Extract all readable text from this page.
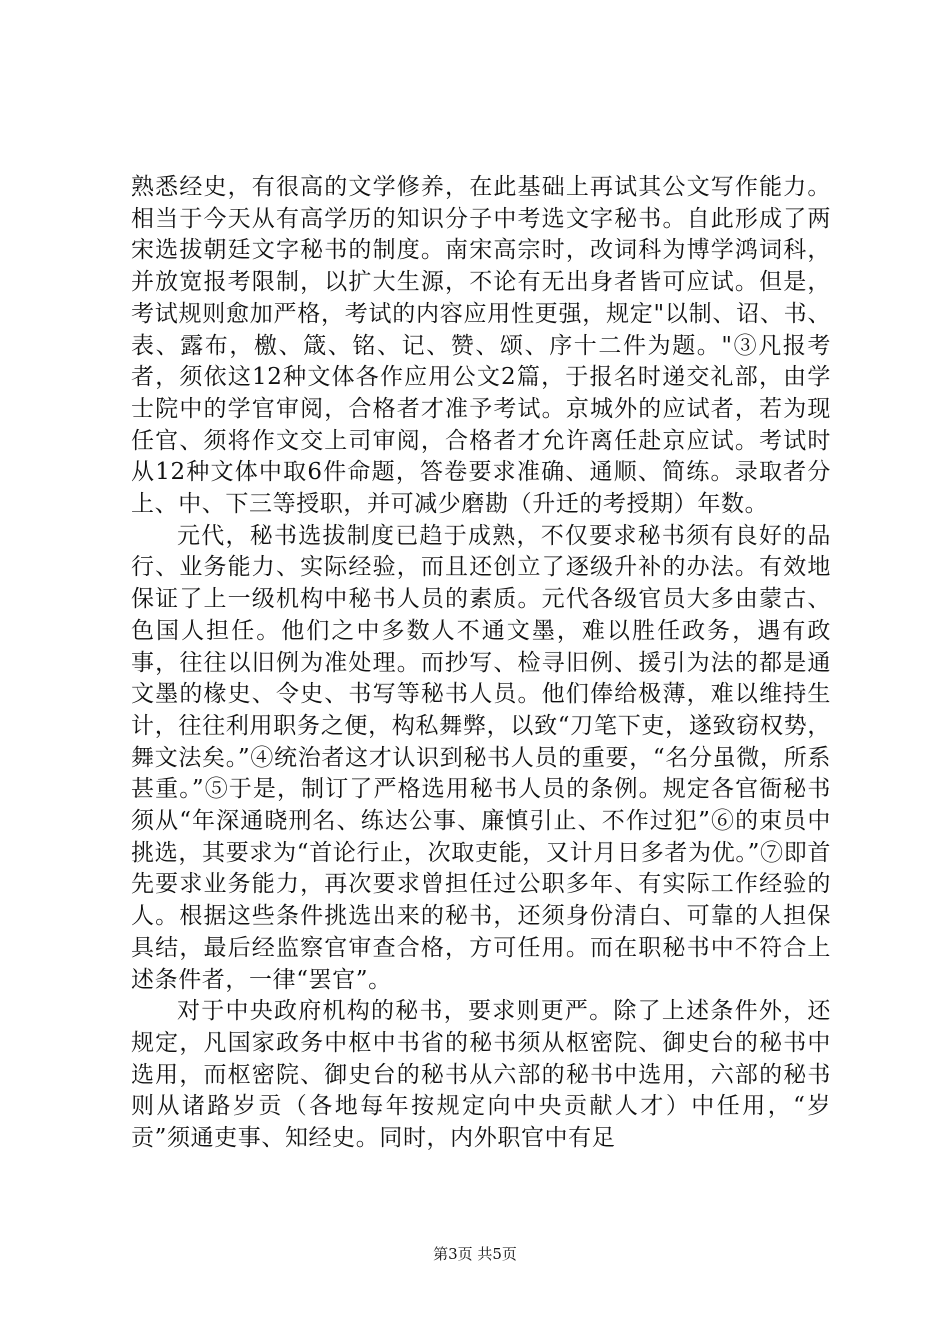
熟悉经史，有很高的文学修养，在此基础上再试其公文写作能力。相当于今天从有高学历的知识分子中考选文字秘书。自此形成了两宋选拔朝廷文字秘书的制度。南宋高宗时，改词科为博学鸿词科，并放宽报考限制，以扩大生源，不论有无出身者皆可应试。但是，考试规则愈加严格，考试的内容应用性更强，规定"以制、诏、书、表、露布，檄、箴、铭、记、赞、颂、序十二件为题。"③凡报考者，须依这12种文体各作应用公文2篇，于报名时递交礼部，由学士院中的学官审阅，合格者才准予考试。京城外的应试者，若为现任官、须将作文交上司审阅，合格者才允许离任赴京应试。考试时从12种文体中取6件命题，答卷要求准确、通顺、简练。录取者分上、中、下三等授职，并可减少磨勘（升迁的考授期）年数。

元代，秘书选拔制度已趋于成熟，不仅要求秘书须有良好的品行、业务能力、实际经验，而且还创立了逐级升补的办法。有效地保证了上一级机构中秘书人员的素质。元代各级官员大多由蒙古、色国人担任。他们之中多数人不通文墨，难以胜任政务，遇有政事，往往以旧例为准处理。而抄写、检寻旧例、援引为法的都是通文墨的椽史、令史、书写等秘书人员。他们俸给极薄，难以维持生计，往往利用职务之便，构私舞弊，以致“刀笔下吏，遂致窃权势，舞文法矣。”④统治者这才认识到秘书人员的重要，“名分虽微，所系甚重。”⑤于是，制订了严格选用秘书人员的条例。规定各官衙秘书须从“年深通晓刑名、练达公事、廉慎引止、不作过犯”⑥的束员中挑选，其要求为“首论行止，次取吏能，又计月日多者为优。”⑦即首先要求业务能力，再次要求曾担任过公职多年、有实际工作经验的人。根据这些条件挑选出来的秘书，还须身份清白、可靠的人担保具结，最后经监察官审查合格，方可任用。而在职秘书中不符合上述条件者，一律“罢官”。

对于中央政府机构的秘书，要求则更严。除了上述条件外，还规定，凡国家政务中枢中书省的秘书须从枢密院、御史台的秘书中选用，而枢密院、御史台的秘书从六部的秘书中选用，六部的秘书则从诸路岁贡（各地每年按规定向中央贡献人才）中任用，“岁贡”须通吏事、知经史。同时，内外职官中有足

第3页 共5页
